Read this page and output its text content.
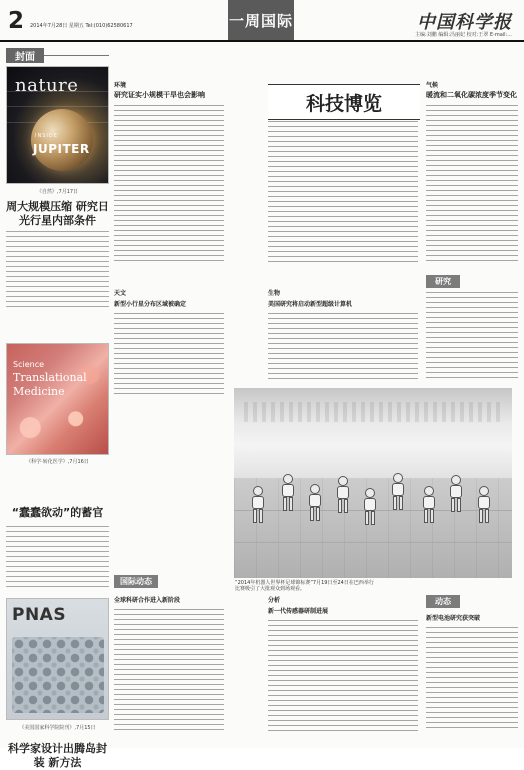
2 2014年7月28日 星期五 Tel:(010)62580617	一周国际	中国科学报
主编:刘鹏 编辑:冯丽妃 校对:王翠 E-mail:...
封面
nature
INSIDE
JUPITER
《自然》,7月17日
周大规模压缩 研究日光行星内部条件
Science
Translational
Medicine
《科学·转化医学》,7月16日
“蠢蠢欲动”的蓄官
PNAS
《美国国家科学院院刊》,7月15日
科学家设计出腾岛封装 新方法
环境
研究证实小规模干旱也会影响	科技博览
气候
暖流和二氧化碳浓度季节变化
天文
新型小行星分布区域被确定
生物
美国研究将启动新型超级计算机
研究
“2014年机器人世界杯足球锦标赛”7月19日至24日在巴西举行
比赛吸引了大批观众到场观看。
国际动态
全球科研合作进入新阶段	分析
新一代传感器研制进展
动态
新型电池研究获突破
